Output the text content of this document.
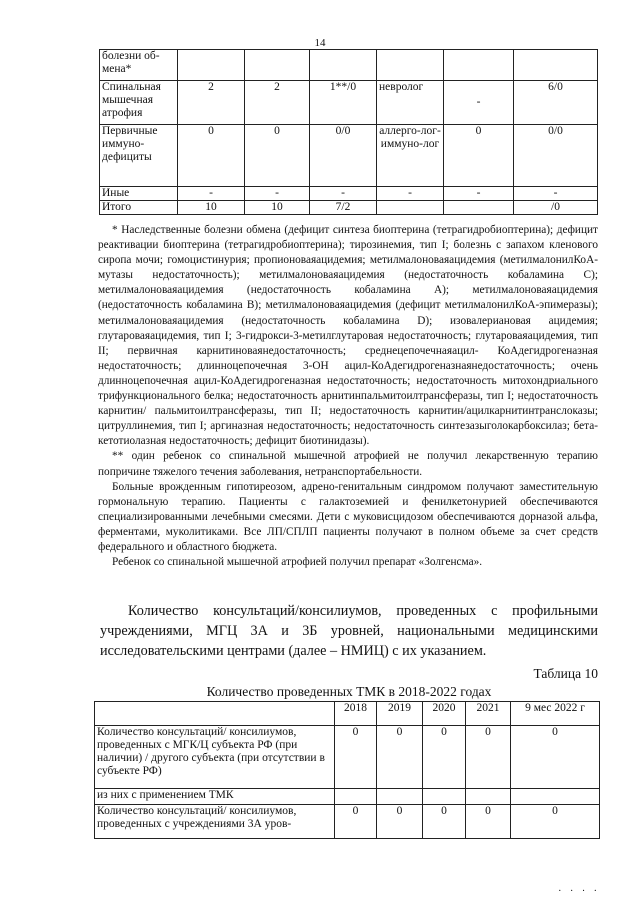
14
болезни об-мена*						
Спинальная мышечная атрофия	2	2	1**/0	невролог	-	6/0
Первичные иммуно-дефициты	0	0	0/0	аллерго-лог-иммуно-лог	0	0/0
Иные	-	-	-	-	-	-
Итого	10	10	7/2			/0

* Наследственные болезни обмена (дефицит синтеза биоптерина (тетрагидробиоптерина); дефицит реактивации биоптерина (тетрагидробиоптерина); тирозинемия, тип I; болезнь с запахом кленового сиропа мочи; гомоцистинурия; пропионоваяацидемия; метилмалоноваяацидемия (метилмалонилКоА-мутазы недостаточность); метилмалоноваяацидемия (недостаточность кобаламина С); метилмалоноваяацидемия (недостаточность кобаламина А); метилмалоноваяацидемия (недостаточность кобаламина В); метилмалоноваяацидемия (дефицит метилмалонилКоА-эпимеразы); метилмалоноваяацидемия (недостаточность кобаламина D); изовалериановая ацидемия; глутароваяацидемия, тип I; 3-гидрокси-3-метилглутаровая недостаточность; глутароваяацидемия, тип II; первичная карнитиноваянедостаточность; среднецепочечнаяацил- КоАдегидрогеназная недостаточность; длинноцепочечная 3-ОН ацил-КоАдегидрогеназнаянедостаточность; очень длинноцепочечная ацил-КоАдегидрогеназная недостаточность; недостаточность митохондриального трифункционального белка; недостаточность арнитинпальмитоилтрансферазы, тип I; недостаточность карнитин/ пальмитоилтрансферазы, тип II; недостаточность карнитин/ацилкарнитинтранслоказы; цитруллинемия, тип I; аргиназная недостаточность; недостаточность синтезазыголокарбоксилаз; бета-кетотиолазная недостаточность; дефицит биотинидазы).

** один ребенок со спинальной мышечной атрофией не получил лекарственную терапию попричине тяжелого течения заболевания, нетранспортабельности.

Больные врожденным гипотиреозом, адрено-генитальным синдромом получают заместительную гормональную терапию. Пациенты с галактоземией и фенилкетонурией обеспечиваются специализированными лечебными смесями. Дети с муковисцидозом обеспечиваются дорназой альфа, ферментами, муколитиками. Все ЛП/СПЛП пациенты получают в полном объеме за счет средств федерального и областного бюджета.

Ребенок со спинальной мышечной атрофией получил препарат «Золгенсма».

Количество консультаций/консилиумов, проведенных с профильными учреждениями, МГЦ 3А и 3Б уровней, национальными медицинскими исследовательскими центрами (далее – НМИЦ) с их указанием.
Таблица 10
Количество проведенных ТМК в 2018-2022 годах
	2018	2019	2020	2021	9 мес 2022 г
Количество консультаций/ консилиумов, проведенных с МГК/Ц субъекта РФ (при наличии) / другого субъекта (при отсутствии в субъекте РФ)	0	0	0	0	0
из них с применением ТМК					
Количество консультаций/ консилиумов, проведенных с учреждениями 3А уров-	0	0	0	0	0
· · · ·
